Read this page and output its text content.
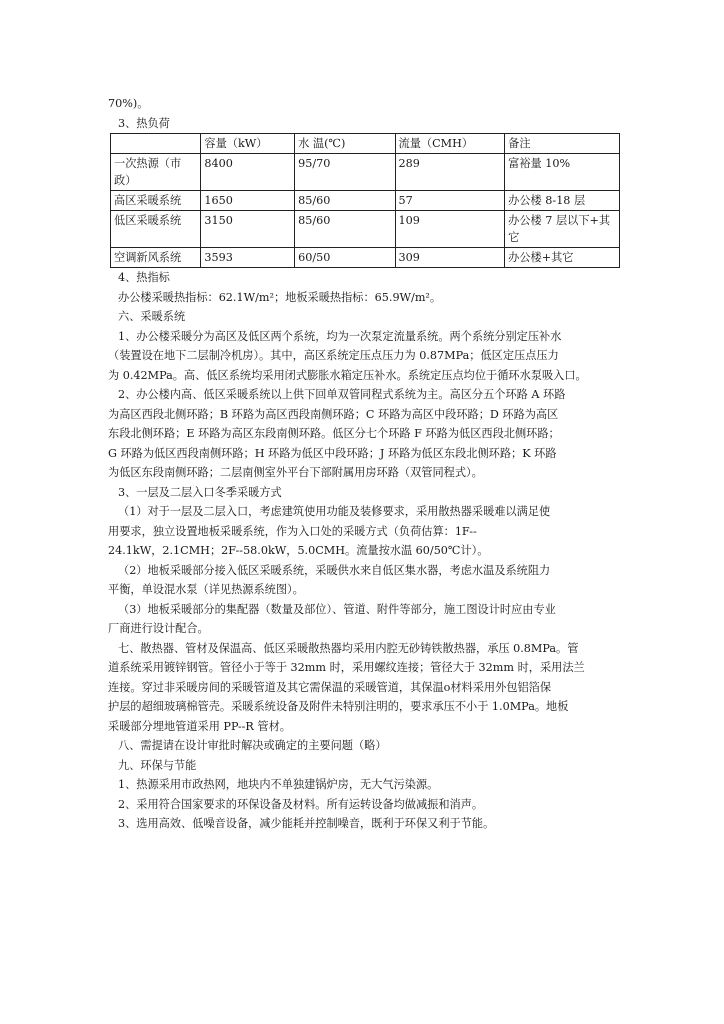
70%)。
3、热负荷
	容量（kW）	水 温(℃)	流量（CMH）	备注
一次热源（市政）	8400	95/70	289	富裕量 10%
高区采暖系统	1650	85/60	57	办公楼 8-18 层
低区采暖系统	3150	85/60	109	办公楼 7 层以下+其它
空调新风系统	3593	60/50	309	办公楼+其它
4、热指标
办公楼采暖热指标：62.1W/m²；地板采暖热指标：65.9W/m²。
六、采暖系统
1、办公楼采暖分为高区及低区两个系统，均为一次泵定流量系统。两个系统分别定压补水
（装置设在地下二层制冷机房）。其中，高区系统定压点压力为 0.87MPa；低区定压点压力
为 0.42MPa。高、低区系统均采用闭式膨胀水箱定压补水。系统定压点均位于循环水泵吸入口。
2、办公楼内高、低区采暖系统以上供下回单双管同程式系统为主。高区分五个环路 A 环路
为高区西段北侧环路；B 环路为高区西段南侧环路；C 环路为高区中段环路；D 环路为高区
东段北侧环路；E 环路为高区东段南侧环路。低区分七个环路 F 环路为低区西段北侧环路；
G 环路为低区西段南侧环路；H 环路为低区中段环路；J 环路为低区东段北侧环路；K 环路
为低区东段南侧环路；二层南侧室外平台下部附属用房环路（双管同程式）。
3、一层及二层入口冬季采暖方式
（1）对于一层及二层入口，考虑建筑使用功能及装修要求，采用散热器采暖难以满足使
用要求，独立设置地板采暖系统，作为入口处的采暖方式（负荷估算：1F--
24.1kW，2.1CMH；2F--58.0kW，5.0CMH。流量按水温 60/50℃计）。
（2）地板采暖部分接入低区采暖系统，采暖供水来自低区集水器，考虑水温及系统阻力
平衡，单设混水泵（详见热源系统图）。
（3）地板采暖部分的集配器（数量及部位）、管道、附件等部分，施工图设计时应由专业
厂商进行设计配合。
七、散热器、管材及保温高、低区采暖散热器均采用内腔无砂铸铁散热器，承压 0.8MPa。管
道系统采用镀锌钢管。管径小于等于 32mm 时，采用螺纹连接；管径大于 32mm 时，采用法兰
连接。穿过非采暖房间的采暖管道及其它需保温的采暖管道，其保温ο材料采用外包铝箔保
护层的超细玻璃棉管壳。采暖系统设备及附件未特别注明的，要求承压不小于 1.0MPa。地板
采暖部分埋地管道采用 PP--R 管材。
八、需提请在设计审批时解决或确定的主要问题（略）
九、环保与节能
1、热源采用市政热网，地块内不单独建锅炉房，无大气污染源。
2、采用符合国家要求的环保设备及材料。所有运转设备均做减振和消声。
3、选用高效、低噪音设备，减少能耗并控制噪音，既利于环保又利于节能。
